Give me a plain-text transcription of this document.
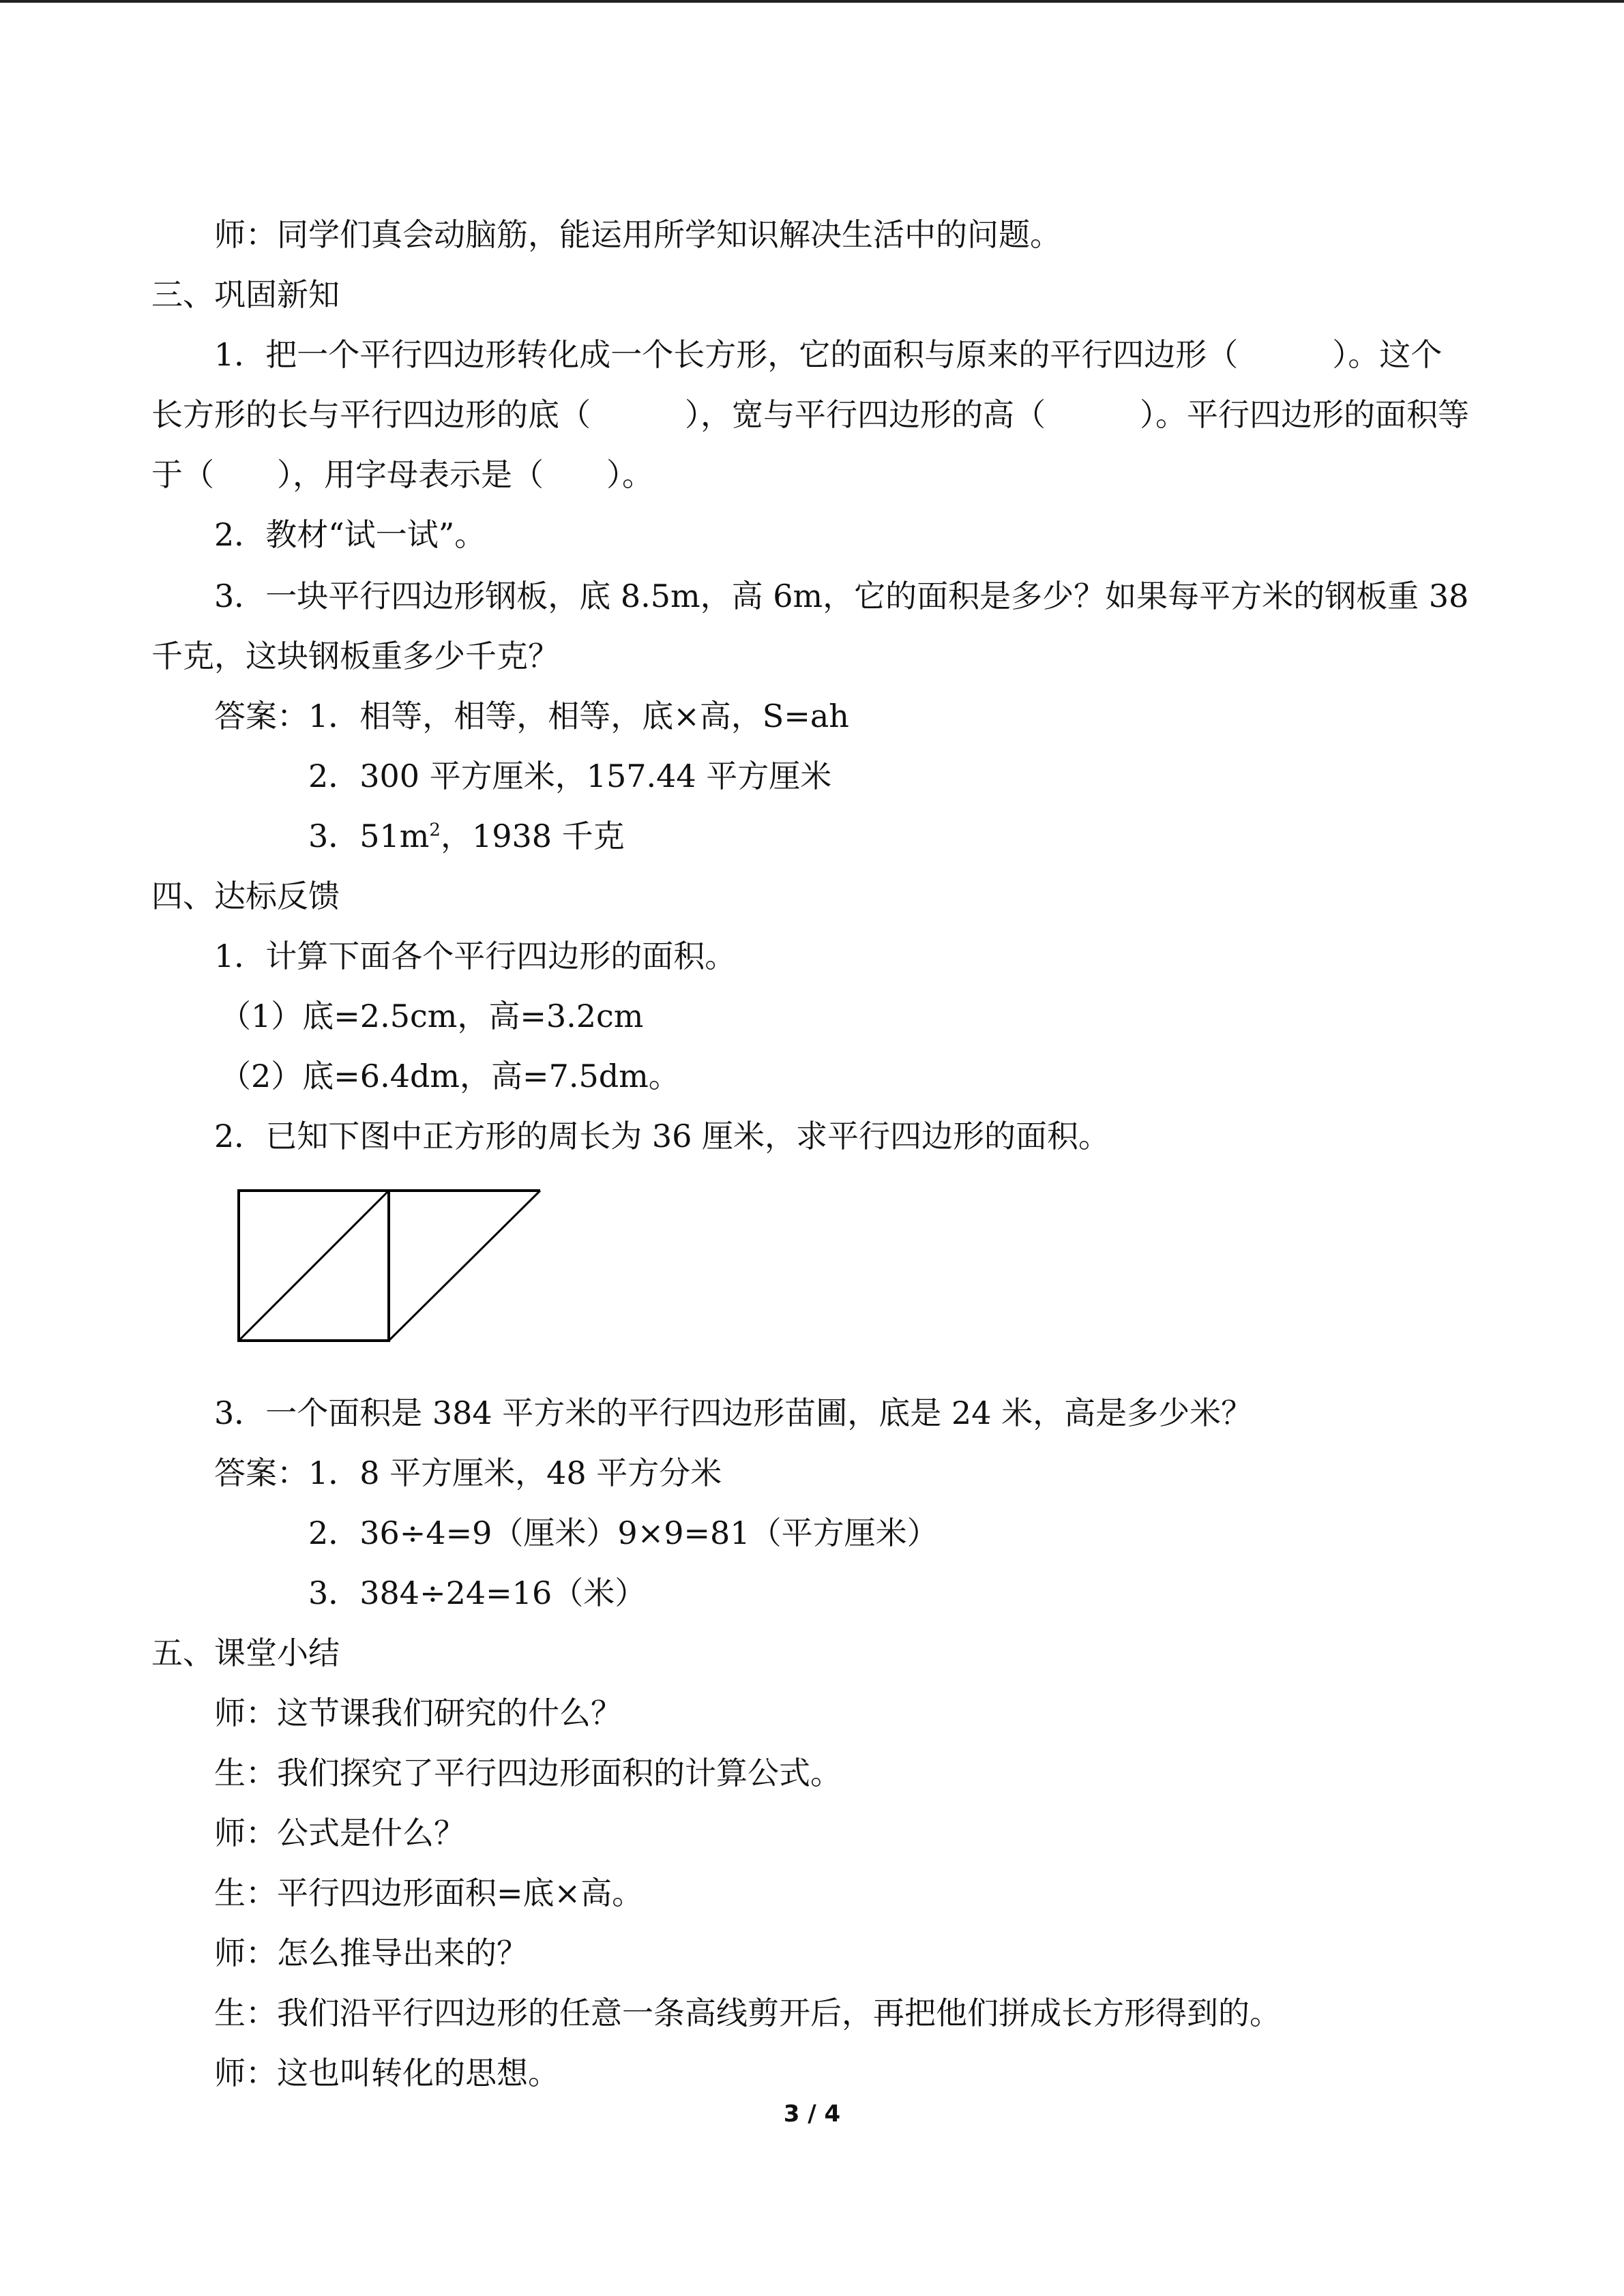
师：同学们真会动脑筋，能运用所学知识解决生活中的问题。
三、巩固新知
1．把一个平行四边形转化成一个长方形，它的面积与原来的平行四边形（　　　）。这个
长方形的长与平行四边形的底（　　　），宽与平行四边形的高（　　　）。平行四边形的面积等
于（　　），用字母表示是（　　）。
2．教材“试一试”。
3．一块平行四边形钢板，底 8.5m，高 6m，它的面积是多少？如果每平方米的钢板重 38
千克，这块钢板重多少千克？
答案：1．相等，相等，相等，底×高，S=ah
2．300 平方厘米，157.44 平方厘米
3．$51m^2$，1938 千克
四、达标反馈
1．计算下面各个平行四边形的面积。
（1）底=2.5cm，高=3.2cm
（2）底=6.4dm，高=7.5dm。
2．已知下图中正方形的周长为 36 厘米，求平行四边形的面积。
3．一个面积是 384 平方米的平行四边形苗圃，底是 24 米，高是多少米？
答案：1．8 平方厘米，48 平方分米
2．36÷4=9（厘米）9×9=81（平方厘米）
3．384÷24=16（米）
五、课堂小结
师：这节课我们研究的什么？
生：我们探究了平行四边形面积的计算公式。
师：公式是什么？
生：平行四边形面积=底×高。
师：怎么推导出来的？
生：我们沿平行四边形的任意一条高线剪开后，再把他们拼成长方形得到的。
师：这也叫转化的思想。
3 / 4
